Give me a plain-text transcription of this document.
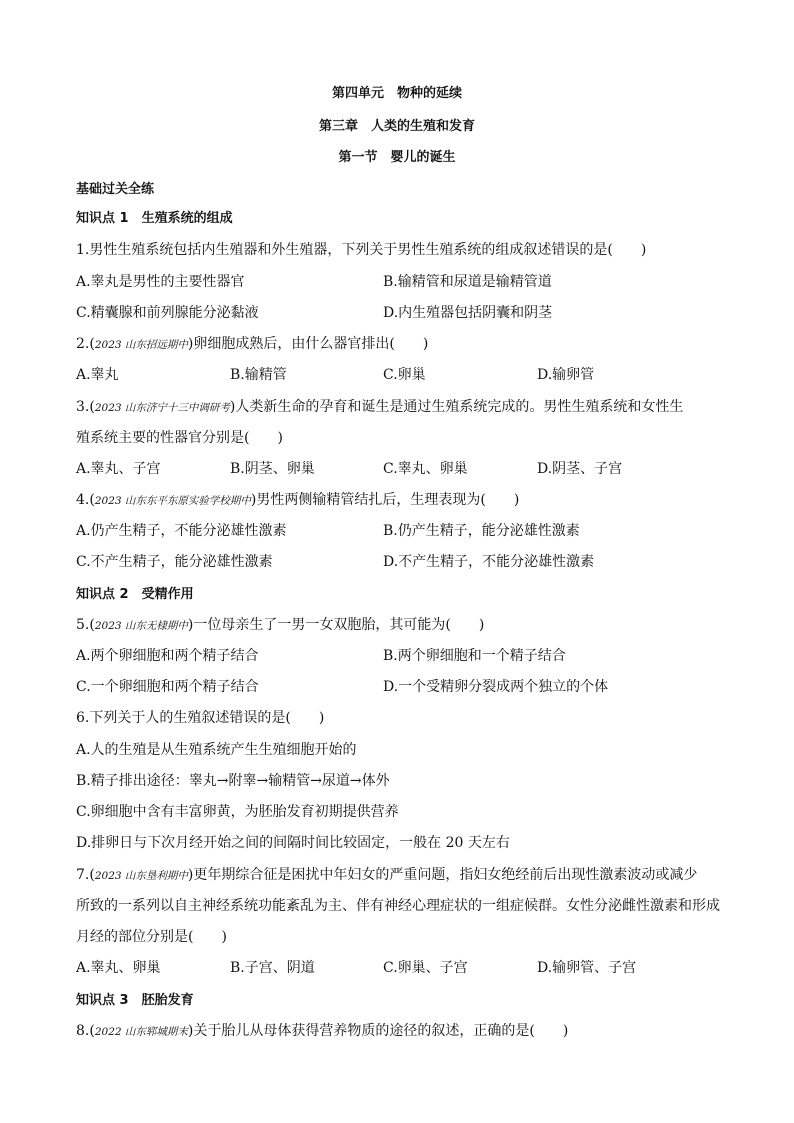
第四单元　物种的延续
第三章　人类的生殖和发育
第一节　婴儿的诞生
基础过关全练
知识点 1　生殖系统的组成
1.男性生殖系统包括内生殖器和外生殖器，下列关于男性生殖系统的组成叙述错误的是(　　)
A.睾丸是男性的主要性器官	B.输精管和尿道是输精管道
C.精囊腺和前列腺能分泌黏液	D.内生殖器包括阴囊和阴茎
2.(2023 山东招远期中)卵细胞成熟后，由什么器官排出(　　)
A.睾丸	B.输精管	C.卵巢	D.输卵管
3.(2023 山东济宁十三中调研考)人类新生命的孕育和诞生是通过生殖系统完成的。男性生殖系统和女性生
殖系统主要的性器官分别是(　　)
A.睾丸、子宫	B.阴茎、卵巢	C.睾丸、卵巢	D.阴茎、子宫
4.(2023 山东东平东原实验学校期中)男性两侧输精管结扎后，生理表现为(　　)
A.仍产生精子，不能分泌雄性激素	B.仍产生精子，能分泌雄性激素
C.不产生精子，能分泌雄性激素	D.不产生精子，不能分泌雄性激素
知识点 2　受精作用
5.(2023 山东无棣期中)一位母亲生了一男一女双胞胎，其可能为(　　)
A.两个卵细胞和两个精子结合	B.两个卵细胞和一个精子结合
C.一个卵细胞和两个精子结合	D.一个受精卵分裂成两个独立的个体
6.下列关于人的生殖叙述错误的是(　　)
A.人的生殖是从生殖系统产生生殖细胞开始的
B.精子排出途径：睾丸→附睾→输精管→尿道→体外
C.卵细胞中含有丰富卵黄，为胚胎发育初期提供营养
D.排卵日与下次月经开始之间的间隔时间比较固定，一般在 20 天左右
7.(2023 山东垦利期中)更年期综合征是困扰中年妇女的严重问题，指妇女绝经前后出现性激素波动或减少
所致的一系列以自主神经系统功能紊乱为主、伴有神经心理症状的一组症候群。女性分泌雌性激素和形成
月经的部位分别是(　　)
A.睾丸、卵巢	B.子宫、阴道	C.卵巢、子宫	D.输卵管、子宫
知识点 3　胚胎发育
8.(2022 山东郓城期末)关于胎儿从母体获得营养物质的途径的叙述，正确的是(　　)
